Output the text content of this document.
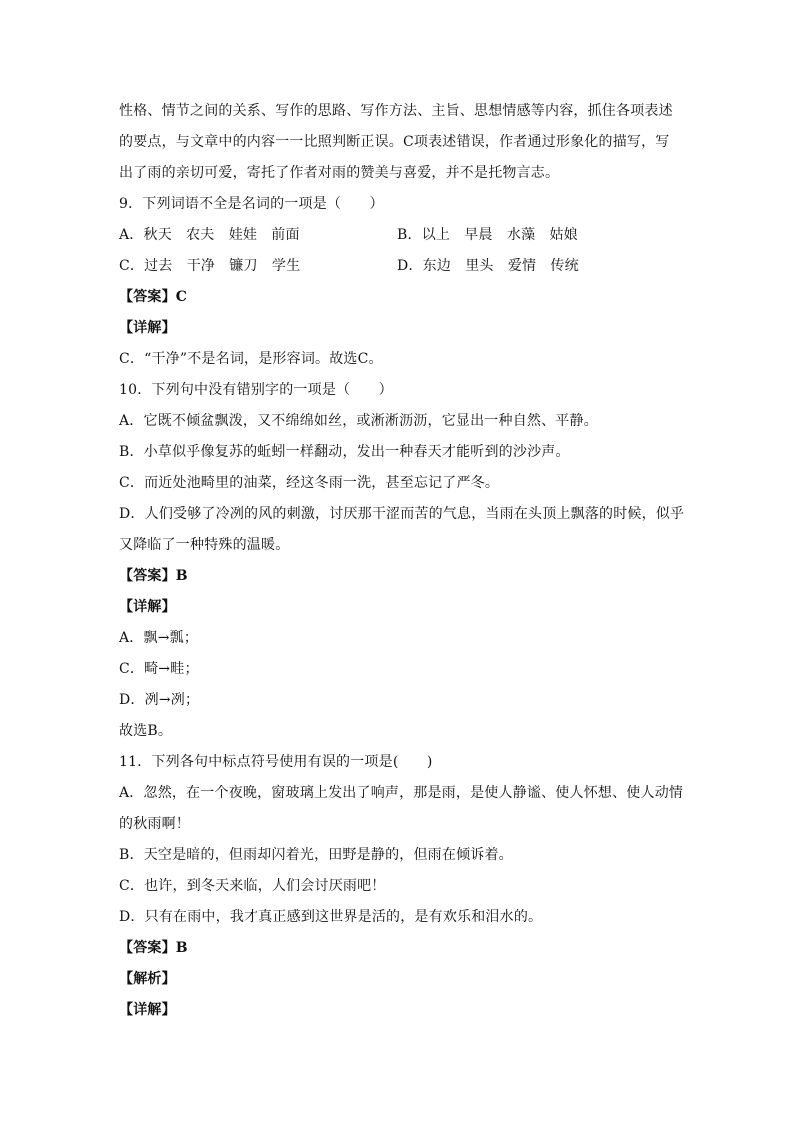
性格、情节之间的关系、写作的思路、写作方法、主旨、思想情感等内容，抓住各项表述
的要点，与文章中的内容一一比照判断正误。C项表述错误，作者通过形象化的描写，写
出了雨的亲切可爱，寄托了作者对雨的赞美与喜爱，并不是托物言志。
9．下列词语不全是名词的一项是（　　）
A．秋天　农夫　娃娃　前面	B．以上　早晨　水藻　姑娘
C．过去　干净　镰刀　学生	D．东边　里头　爱情　传统
【答案】C
【详解】
C．“干净”不是名词，是形容词。故选C。
10．下列句中没有错别字的一项是（　　）
A．它既不倾盆飘泼，又不绵绵如丝，或淅淅沥沥，它显出一种自然、平静。
B．小草似乎像复苏的蚯蚓一样翻动，发出一种春天才能听到的沙沙声。
C．而近处池畸里的油菜，经这冬雨一洗，甚至忘记了严冬。
D．人们受够了冷冽的风的刺激，讨厌那干涩而苦的气息，当雨在头顶上飘落的时候，似乎
又降临了一种特殊的温暖。
【答案】B
【详解】
A．飘→瓢；
C．畸→畦；
D．冽→冽；
故选B。
11．下列各句中标点符号使用有误的一项是(　　)
A．忽然，在一个夜晚，窗玻璃上发出了响声，那是雨，是使人静谧、使人怀想、使人动情
的秋雨啊！
B．天空是暗的，但雨却闪着光，田野是静的，但雨在倾诉着。
C．也许，到冬天来临，人们会讨厌雨吧！
D．只有在雨中，我才真正感到这世界是活的，是有欢乐和泪水的。
【答案】B
【解析】
【详解】
